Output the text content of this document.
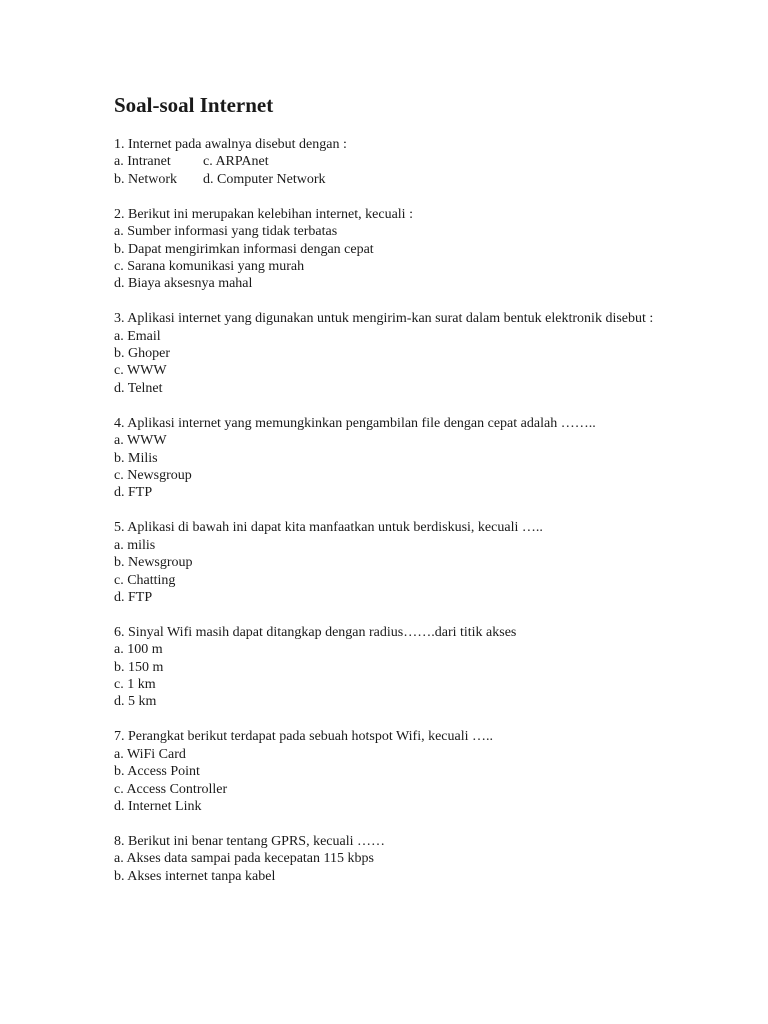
Soal-soal Internet

1. Internet pada awalnya disebut dengan :

a. Intranet	c. ARPAnet
b. Network	d. Computer Network

2. Berikut ini merupakan kelebihan internet, kecuali :

a. Sumber informasi yang tidak terbatas

b. Dapat mengirimkan informasi dengan cepat

c. Sarana komunikasi yang murah

d. Biaya aksesnya mahal

3. Aplikasi internet yang digunakan untuk mengirim-kan surat dalam bentuk elektronik disebut :

a. Email

b. Ghoper

c. WWW

d. Telnet

4. Aplikasi internet yang memungkinkan pengambilan file dengan cepat adalah ……..

a. WWW

b. Milis

c. Newsgroup

d. FTP

5. Aplikasi di bawah ini dapat kita manfaatkan untuk berdiskusi, kecuali …..

a. milis

b. Newsgroup

c. Chatting

d. FTP

6. Sinyal Wifi masih dapat ditangkap dengan radius…….dari titik akses

a. 100 m

b. 150 m

c. 1 km

d. 5 km

7. Perangkat berikut terdapat pada sebuah hotspot Wifi, kecuali …..

a. WiFi Card

b. Access Point

c. Access Controller

d. Internet Link

8. Berikut ini benar tentang GPRS, kecuali ……

a. Akses data sampai pada kecepatan 115 kbps

b. Akses internet tanpa kabel
